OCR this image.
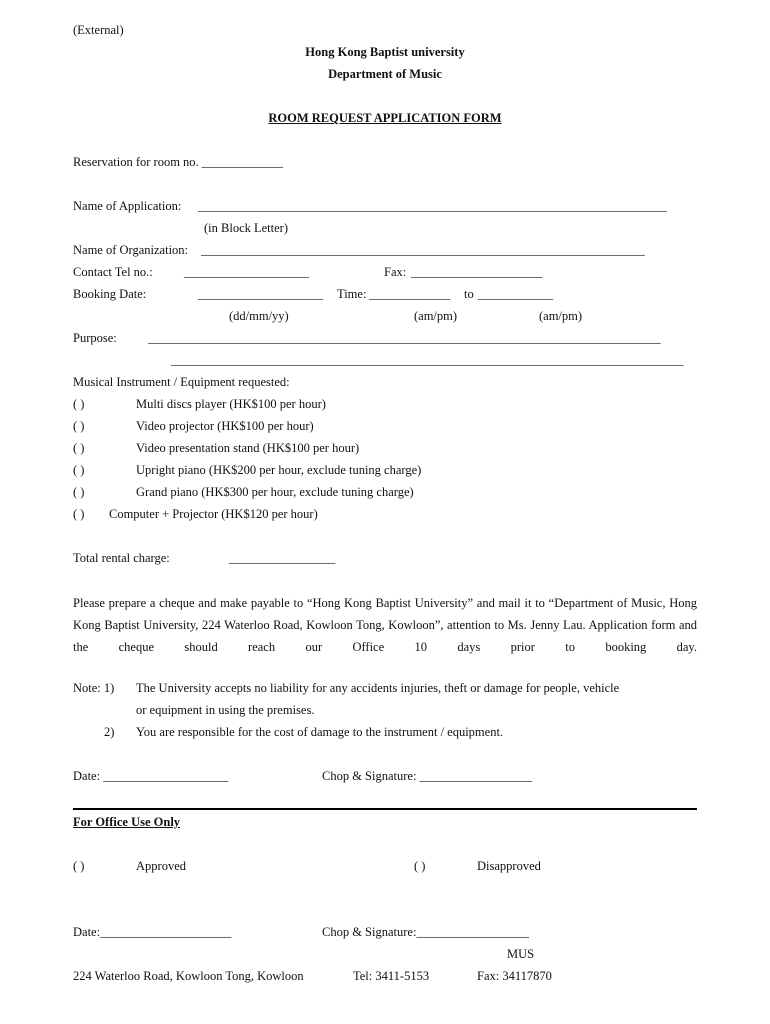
(External)
Hong Kong Baptist university
Department of Music
ROOM REQUEST APPLICATION FORM
Reservation for room no. _____________
Name of Application: ___________________________________________________________________________
(in Block Letter)
Name of Organization: _______________________________________________________________________
Contact Tel no.: ____________________	Fax: _____________________
Booking Date:	____________________ Time: _____________ to ____________
(dd/mm/yy)	(am/pm)	(am/pm)
Purpose:	__________________________________________________________________________________
__________________________________________________________________________________
Musical Instrument / Equipment requested:
( )	Multi discs player (HK$100 per hour)
( )	Video projector (HK$100 per hour)
( )	Video presentation stand (HK$100 per hour)
( )	Upright piano (HK$200 per hour, exclude tuning charge)
( )	Grand piano (HK$300 per hour, exclude tuning charge)
( ) Computer + Projector (HK$120 per hour)
Total rental charge:	_________________
Please prepare a cheque and make payable to “Hong Kong Baptist University” and mail it to “Department of Music, Hong Kong Baptist University, 224 Waterloo Road, Kowloon Tong, Kowloon”, attention to Ms. Jenny Lau. Application form and the cheque should reach our Office 10 days prior to booking day.
Note: 1) The University accepts no liability for any accidents injuries, theft or damage for people, vehicle
or equipment in using the premises.
2) You are responsible for the cost of damage to the instrument / equipment.
Date: ____________________	Chop & Signature: __________________
For Office Use Only
( )	Approved	( )	Disapproved
Date:_____________________	Chop & Signature:__________________
MUS
224 Waterloo Road, Kowloon Tong, Kowloon	Tel: 3411-5153	Fax: 34117870
